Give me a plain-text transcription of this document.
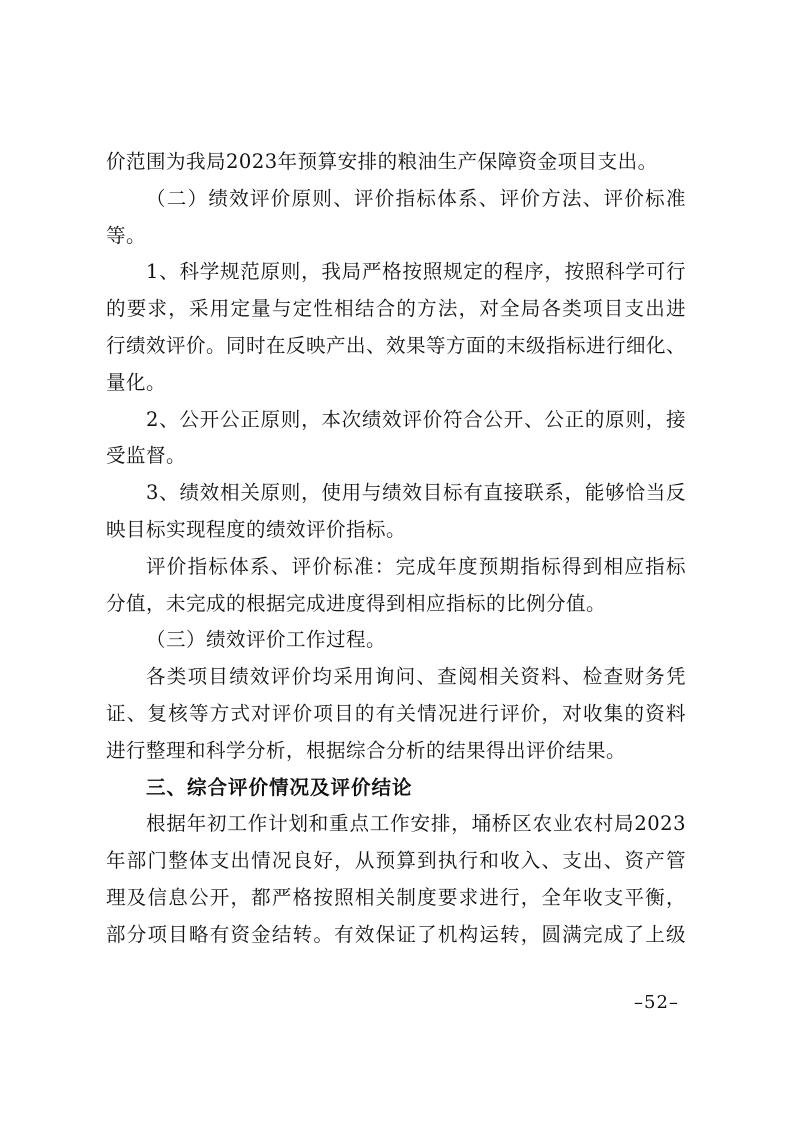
价范围为我局2023年预算安排的粮油生产保障资金项目支出。
（二）绩效评价原则、评价指标体系、评价方法、评价标准
等。
1、科学规范原则，我局严格按照规定的程序，按照科学可行
的要求，采用定量与定性相结合的方法，对全局各类项目支出进
行绩效评价。同时在反映产出、效果等方面的末级指标进行细化、
量化。
2、公开公正原则，本次绩效评价符合公开、公正的原则，接
受监督。
3、绩效相关原则，使用与绩效目标有直接联系，能够恰当反
映目标实现程度的绩效评价指标。
评价指标体系、评价标准：完成年度预期指标得到相应指标
分值，未完成的根据完成进度得到相应指标的比例分值。
（三）绩效评价工作过程。
各类项目绩效评价均采用询问、查阅相关资料、检查财务凭
证、复核等方式对评价项目的有关情况进行评价，对收集的资料
进行整理和科学分析，根据综合分析的结果得出评价结果。
三、综合评价情况及评价结论
根据年初工作计划和重点工作安排，埇桥区农业农村局2023
年部门整体支出情况良好，从预算到执行和收入、支出、资产管
理及信息公开，都严格按照相关制度要求进行，全年收支平衡，
部分项目略有资金结转。有效保证了机构运转，圆满完成了上级
–52–
